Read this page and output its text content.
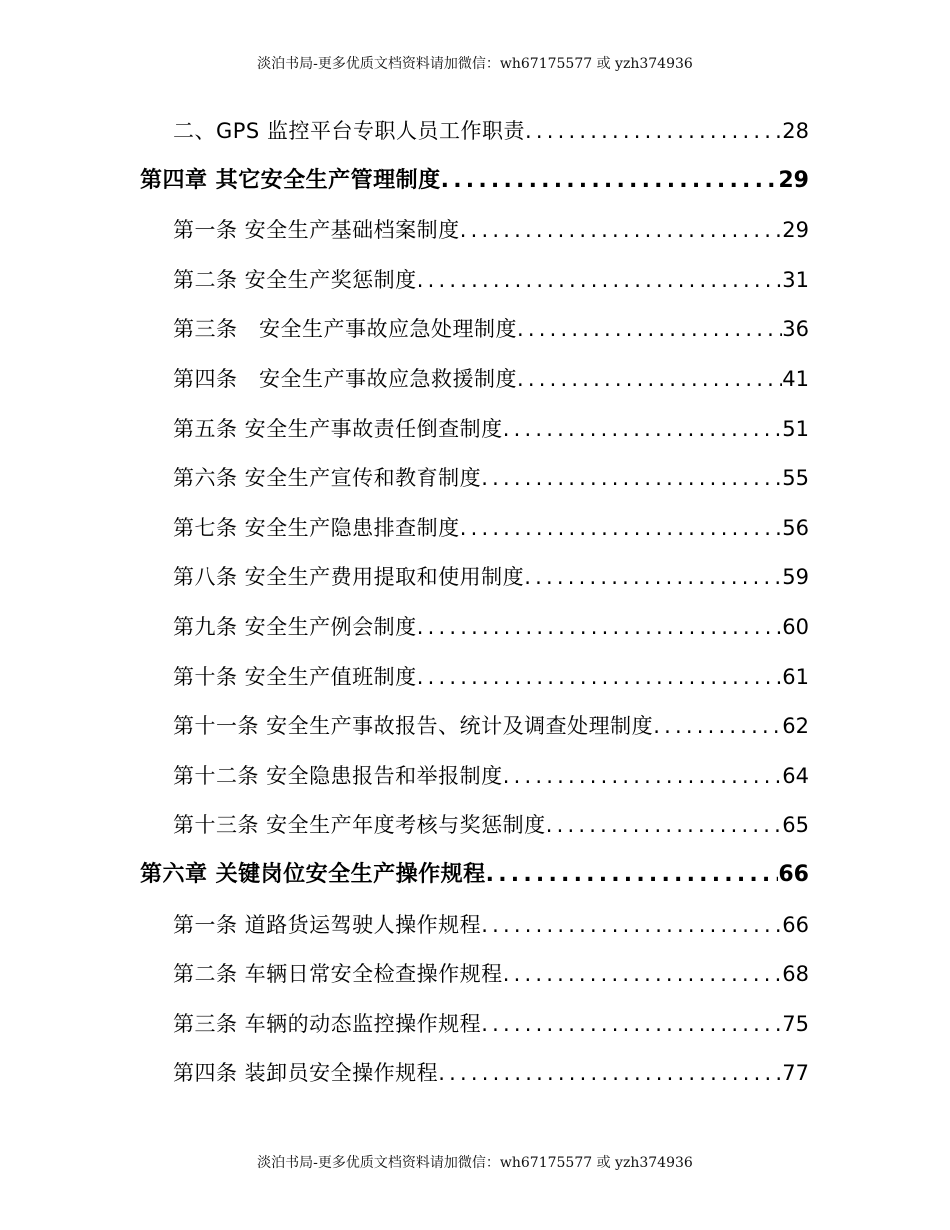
淡泊书局-更多优质文档资料请加微信：wh67175577 或 yzh374936
二、GPS 监控平台专职人员工作职责 .....	28
第四章 其它安全生产管理制度 .....	29
第一条 安全生产基础档案制度 .....	29
第二条 安全生产奖惩制度 .....	31
第三条　安全生产事故应急处理制度 .....	36
第四条　安全生产事故应急救援制度 .....	41
第五条 安全生产事故责任倒查制度 .....	51
第六条 安全生产宣传和教育制度 .....	55
第七条 安全生产隐患排查制度 .....	56
第八条 安全生产费用提取和使用制度 .....	59
第九条 安全生产例会制度 .....	60
第十条 安全生产值班制度 .....	61
第十一条 安全生产事故报告、统计及调查处理制度 .....	62
第十二条 安全隐患报告和举报制度 .....	64
第十三条 安全生产年度考核与奖惩制度 .....	65
第六章 关键岗位安全生产操作规程 .....	66
第一条 道路货运驾驶人操作规程 .....	66
第二条 车辆日常安全检查操作规程 .....	68
第三条 车辆的动态监控操作规程 .....	75
第四条 装卸员安全操作规程 .....	77
淡泊书局-更多优质文档资料请加微信：wh67175577 或 yzh374936
